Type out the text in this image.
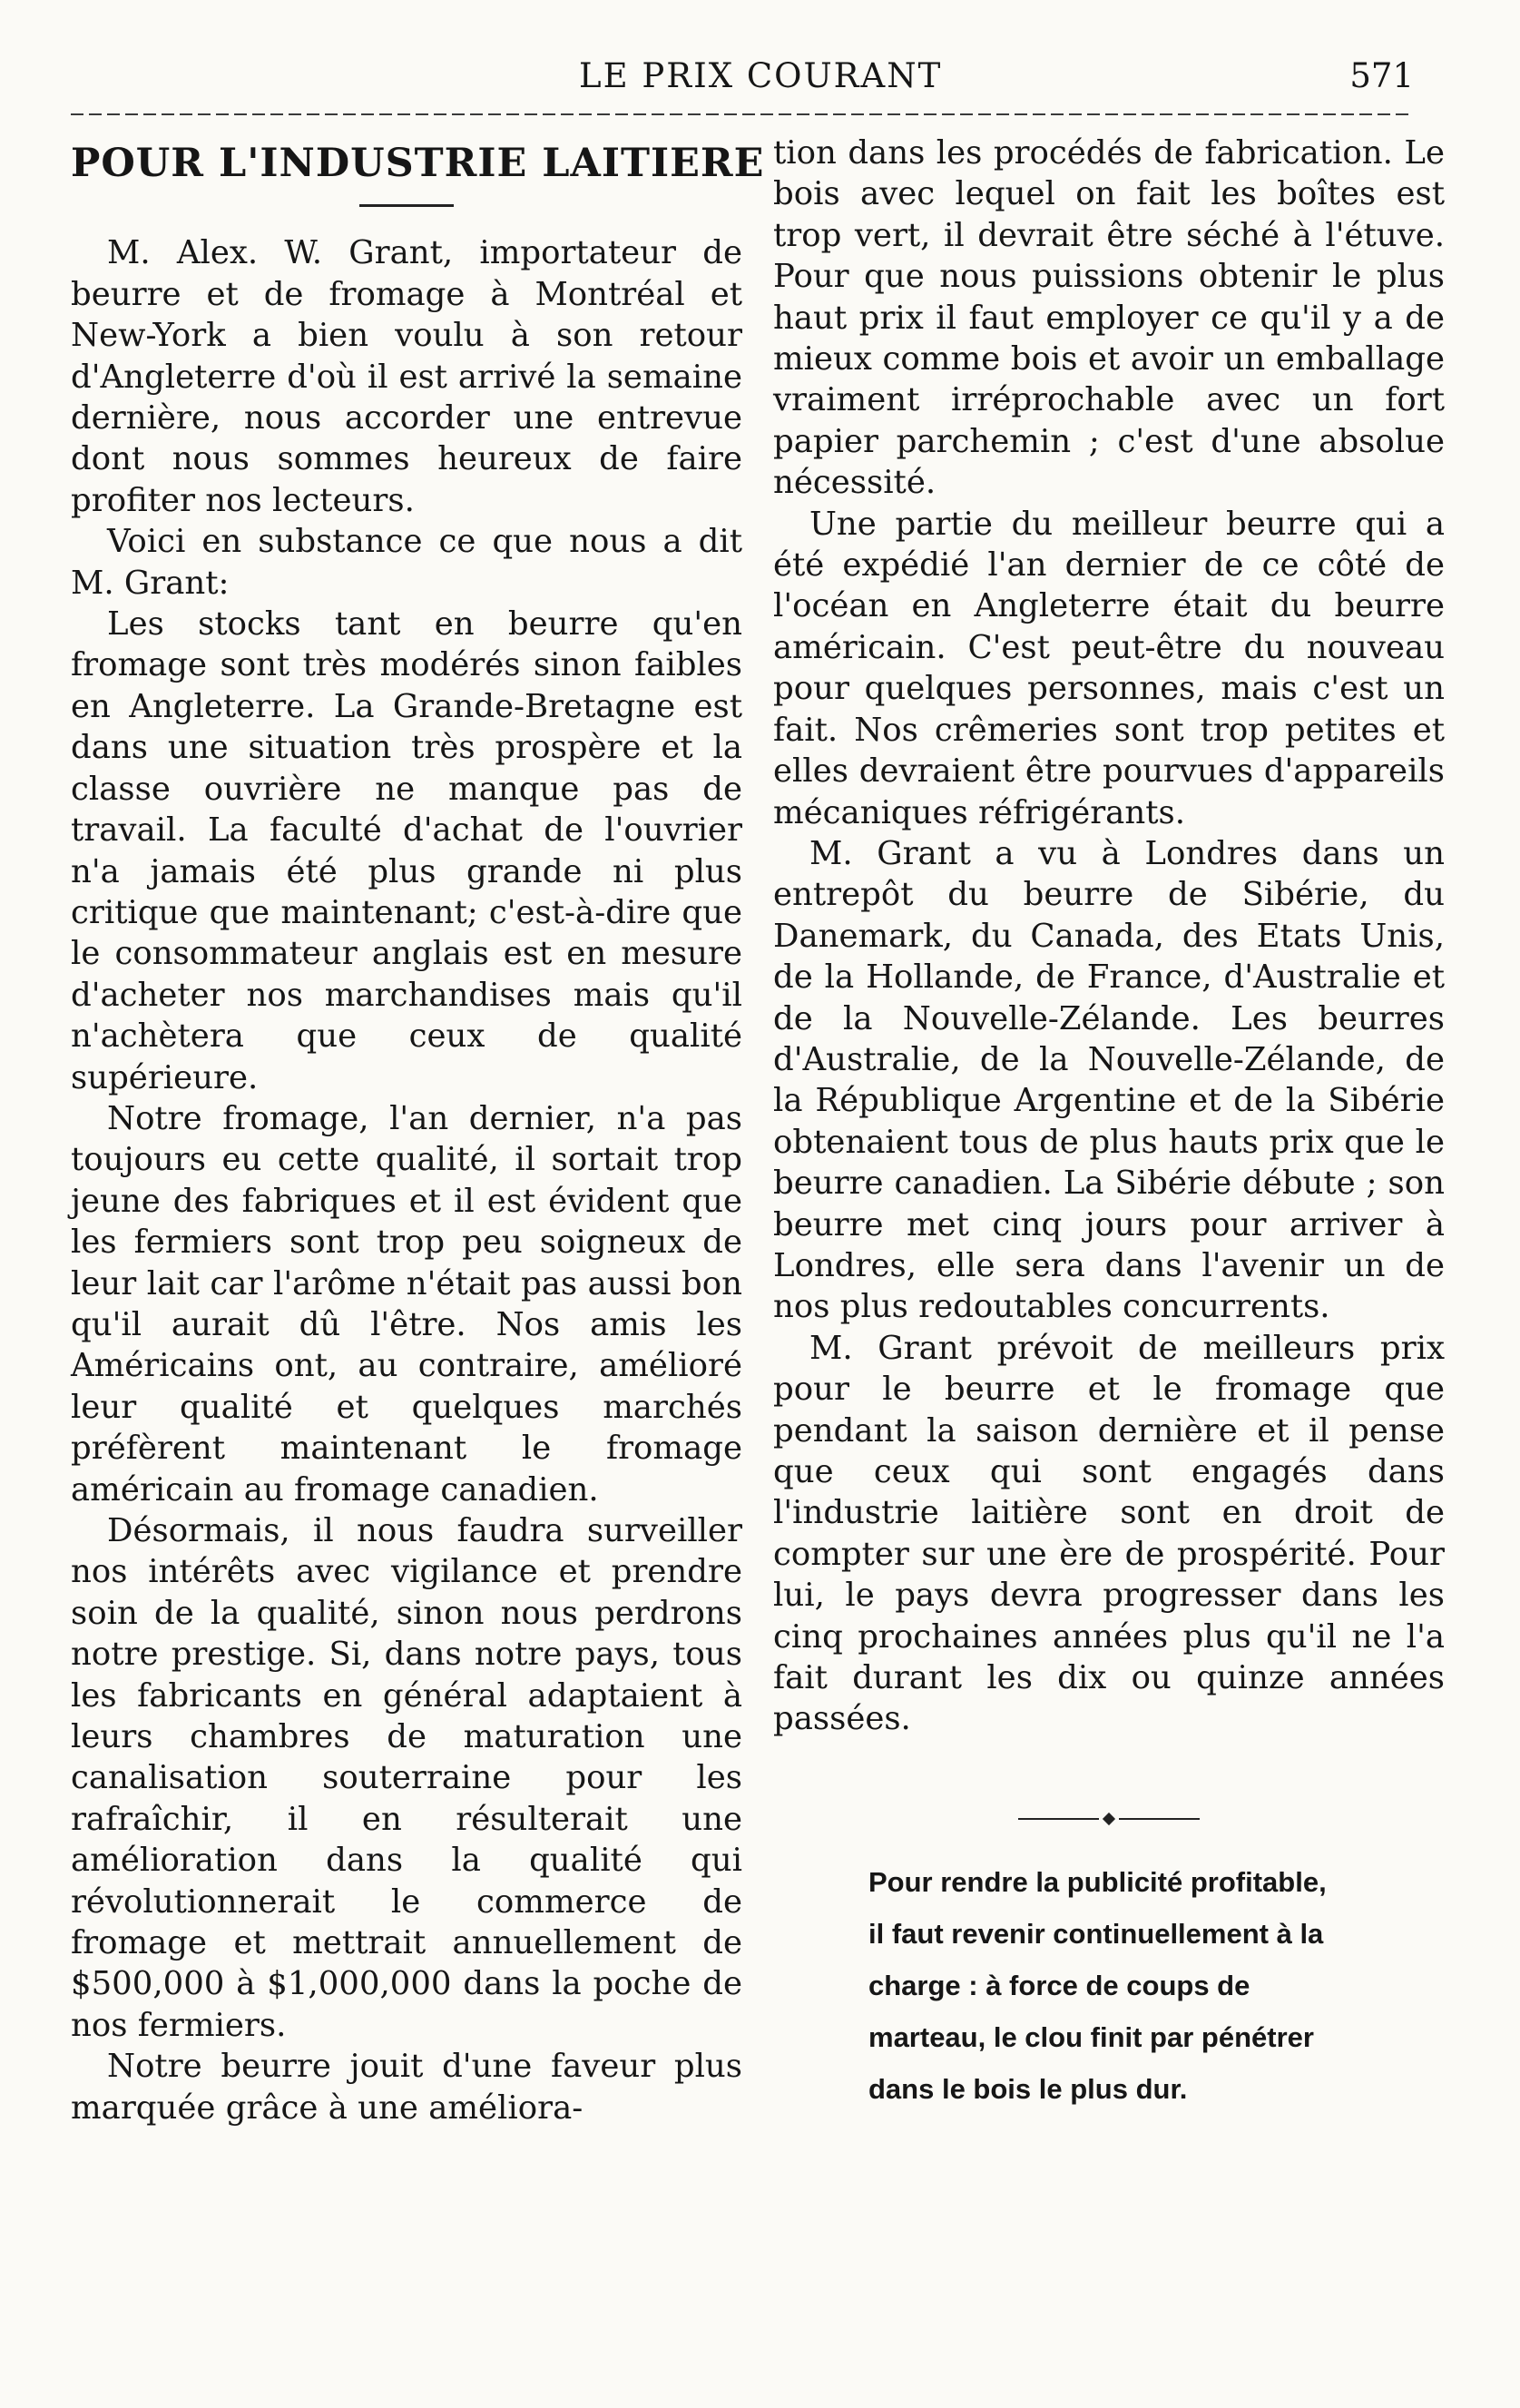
LE PRIX COURANT	571
POUR L'INDUSTRIE LAITIERE

M. Alex. W. Grant, importateur de beurre et de fromage à Montréal et New-York a bien voulu à son retour d'Angleterre d'où il est arrivé la semaine dernière, nous accorder une entrevue dont nous sommes heureux de faire profiter nos lecteurs.

Voici en substance ce que nous a dit M. Grant:

Les stocks tant en beurre qu'en fromage sont très modérés sinon faibles en Angleterre. La Grande-Bretagne est dans une situation très prospère et la classe ouvrière ne manque pas de travail. La faculté d'achat de l'ouvrier n'a jamais été plus grande ni plus critique que maintenant; c'est-à-dire que le consommateur anglais est en mesure d'acheter nos marchandises mais qu'il n'achètera que ceux de qualité supérieure.

Notre fromage, l'an dernier, n'a pas toujours eu cette qualité, il sortait trop jeune des fabriques et il est évident que les fermiers sont trop peu soigneux de leur lait car l'arôme n'était pas aussi bon qu'il aurait dû l'être. Nos amis les Américains ont, au contraire, amélioré leur qualité et quelques marchés préfèrent maintenant le fromage américain au fromage canadien.

Désormais, il nous faudra surveiller nos intérêts avec vigilance et prendre soin de la qualité, sinon nous perdrons notre prestige. Si, dans notre pays, tous les fabricants en général adaptaient à leurs chambres de maturation une canalisation souterraine pour les rafraîchir, il en résulterait une amélioration dans la qualité qui révolutionnerait le commerce de fromage et mettrait annuellement de $500,000 à $1,000,000 dans la poche de nos fermiers.

Notre beurre jouit d'une faveur plus marquée grâce à une améliora-

tion dans les procédés de fabrication. Le bois avec lequel on fait les boîtes est trop vert, il devrait être séché à l'étuve. Pour que nous puissions obtenir le plus haut prix il faut employer ce qu'il y a de mieux comme bois et avoir un emballage vraiment irréprochable avec un fort papier parchemin ; c'est d'une absolue nécessité.

Une partie du meilleur beurre qui a été expédié l'an dernier de ce côté de l'océan en Angleterre était du beurre américain. C'est peut-être du nouveau pour quelques personnes, mais c'est un fait. Nos crêmeries sont trop petites et elles devraient être pourvues d'appareils mécaniques réfrigérants.

M. Grant a vu à Londres dans un entrepôt du beurre de Sibérie, du Danemark, du Canada, des Etats Unis, de la Hollande, de France, d'Australie et de la Nouvelle-Zélande. Les beurres d'Australie, de la Nouvelle-Zélande, de la République Argentine et de la Sibérie obtenaient tous de plus hauts prix que le beurre canadien. La Sibérie débute ; son beurre met cinq jours pour arriver à Londres, elle sera dans l'avenir un de nos plus redoutables concurrents.

M. Grant prévoit de meilleurs prix pour le beurre et le fromage que pendant la saison dernière et il pense que ceux qui sont engagés dans l'industrie laitière sont en droit de compter sur une ère de prospérité. Pour lui, le pays devra progresser dans les cinq prochaines années plus qu'il ne l'a fait durant les dix ou quinze années passées.

Pour rendre la publicité profitable, il faut revenir continuellement à la charge : à force de coups de marteau, le clou finit par pénétrer dans le bois le plus dur.
